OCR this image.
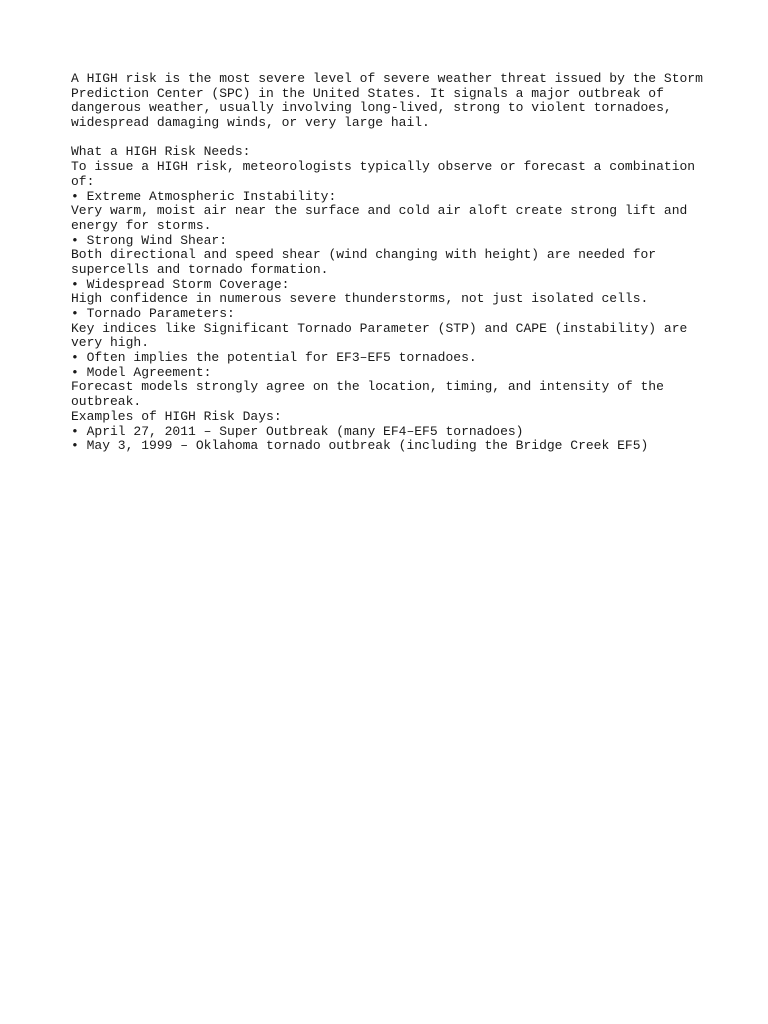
A HIGH risk is the most severe level of severe weather threat issued by the Storm
Prediction Center (SPC) in the United States. It signals a major outbreak of
dangerous weather, usually involving long-lived, strong to violent tornadoes,
widespread damaging winds, or very large hail.
What a HIGH Risk Needs:
To issue a HIGH risk, meteorologists typically observe or forecast a combination
of:
• Extreme Atmospheric Instability:
Very warm, moist air near the surface and cold air aloft create strong lift and
energy for storms.
• Strong Wind Shear:
Both directional and speed shear (wind changing with height) are needed for
supercells and tornado formation.
• Widespread Storm Coverage:
High confidence in numerous severe thunderstorms, not just isolated cells.
• Tornado Parameters:
Key indices like Significant Tornado Parameter (STP) and CAPE (instability) are
very high.
• Often implies the potential for EF3–EF5 tornadoes.
• Model Agreement:
Forecast models strongly agree on the location, timing, and intensity of the
outbreak.
Examples of HIGH Risk Days:
• April 27, 2011 – Super Outbreak (many EF4–EF5 tornadoes)
• May 3, 1999 – Oklahoma tornado outbreak (including the Bridge Creek EF5)
